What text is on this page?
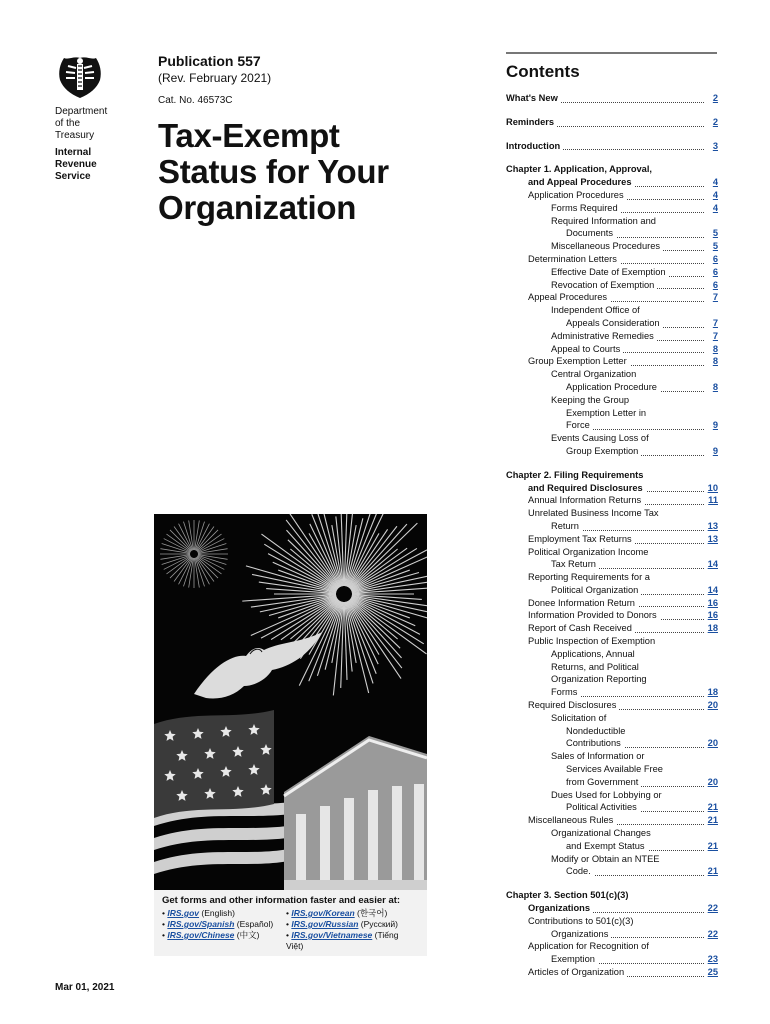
Department
of the
Treasury
Internal
Revenue
Service
Publication 557
(Rev. February 2021)
Cat. No. 46573C
Tax-Exempt
Status for Your
Organization
Get forms and other information faster and easier at:
• IRS.gov (English)	• IRS.gov/Korean (한국어)
• IRS.gov/Spanish (Español)	• IRS.gov/Russian (Русский)
• IRS.gov/Chinese (中文)	• IRS.gov/Vietnamese (Tiếng Việt)
Mar 01, 2021
Contents
What's New	2
Reminders	2
Introduction	3
Chapter 1. Application, Approval,
and Appeal Procedures	4
Application Procedures	4
Forms Required	4
Required Information and
Documents	5
Miscellaneous Procedures	5
Determination Letters	6
Effective Date of Exemption	6
Revocation of Exemption	6
Appeal Procedures	7
Independent Office of
Appeals Consideration	7
Administrative Remedies	7
Appeal to Courts	8
Group Exemption Letter	8
Central Organization
Application Procedure	8
Keeping the Group
Exemption Letter in
Force	9
Events Causing Loss of
Group Exemption	9
Chapter 2. Filing Requirements
and Required Disclosures	10
Annual Information Returns	11
Unrelated Business Income Tax
Return	13
Employment Tax Returns	13
Political Organization Income
Tax Return	14
Reporting Requirements for a
Political Organization	14
Donee Information Return	16
Information Provided to Donors	16
Report of Cash Received	18
Public Inspection of Exemption
Applications, Annual
Returns, and Political
Organization Reporting
Forms	18
Required Disclosures	20
Solicitation of
Nondeductible
Contributions	20
Sales of Information or
Services Available Free
from Government	20
Dues Used for Lobbying or
Political Activities	21
Miscellaneous Rules	21
Organizational Changes
and Exempt Status	21
Modify or Obtain an NTEE
Code.	21
Chapter 3. Section 501(c)(3)
Organizations	22
Contributions to 501(c)(3)
Organizations	22
Application for Recognition of
Exemption	23
Articles of Organization	25
